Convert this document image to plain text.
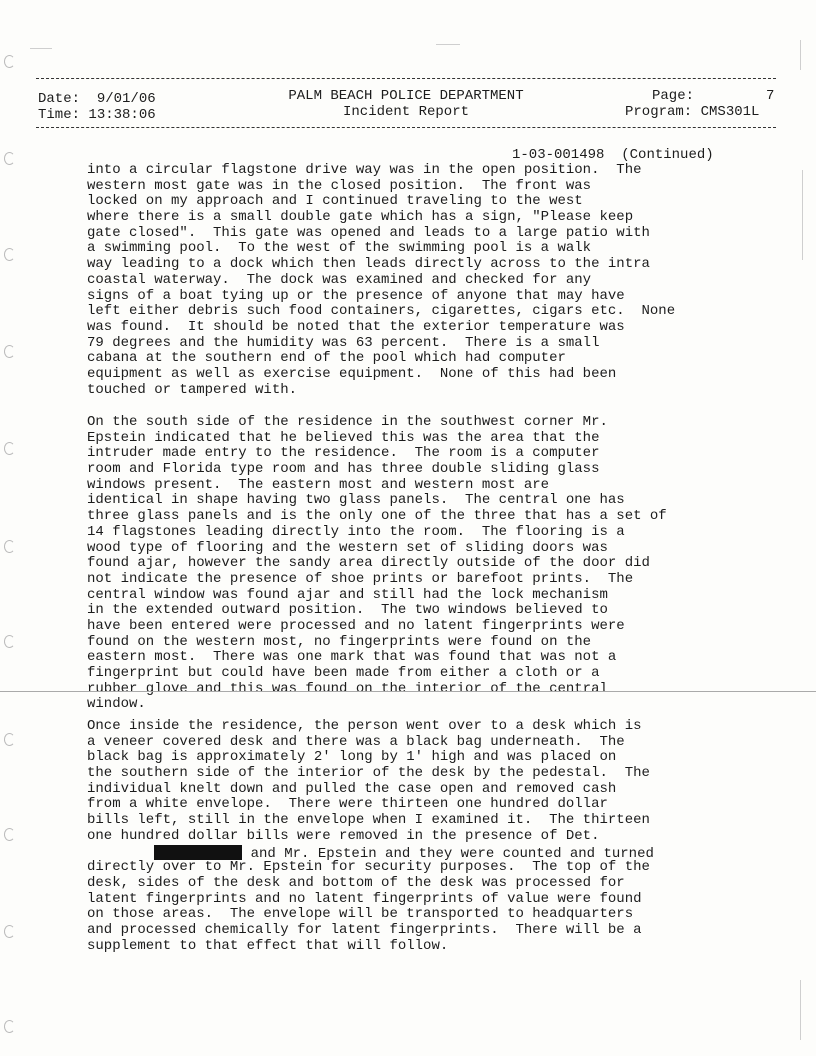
Date: 9/01/06
Time: 13:38:06
PALM BEACH POLICE DEPARTMENT
Incident Report
Page:	7
Program: CMS301L
1-03-001498 (Continued)
into a circular flagstone drive way was in the open position.  The
western most gate was in the closed position.  The front was
locked on my approach and I continued traveling to the west
where there is a small double gate which has a sign, "Please keep
gate closed".  This gate was opened and leads to a large patio with
a swimming pool.  To the west of the swimming pool is a walk
way leading to a dock which then leads directly across to the intra
coastal waterway.  The dock was examined and checked for any
signs of a boat tying up or the presence of anyone that may have
left either debris such food containers, cigarettes, cigars etc.  None
was found.  It should be noted that the exterior temperature was
79 degrees and the humidity was 63 percent.  There is a small
cabana at the southern end of the pool which had computer
equipment as well as exercise equipment.  None of this had been
touched or tampered with.
On the south side of the residence in the southwest corner Mr.
Epstein indicated that he believed this was the area that the
intruder made entry to the residence.  The room is a computer
room and Florida type room and has three double sliding glass
windows present.  The eastern most and western most are
identical in shape having two glass panels.  The central one has
three glass panels and is the only one of the three that has a set of
14 flagstones leading directly into the room.  The flooring is a
wood type of flooring and the western set of sliding doors was
found ajar, however the sandy area directly outside of the door did
not indicate the presence of shoe prints or barefoot prints.  The
central window was found ajar and still had the lock mechanism
in the extended outward position.  The two windows believed to
have been entered were processed and no latent fingerprints were
found on the western most, no fingerprints were found on the
eastern most.  There was one mark that was found that was not a
fingerprint but could have been made from either a cloth or a
rubber glove and this was found on the interior of the central
window.
Once inside the residence, the person went over to a desk which is
a veneer covered desk and there was a black bag underneath.  The
black bag is approximately 2' long by 1' high and was placed on
the southern side of the interior of the desk by the pedestal.  The
individual knelt down and pulled the case open and removed cash
from a white envelope.  There were thirteen one hundred dollar
bills left, still in the envelope when I examined it.  The thirteen
one hundred dollar bills were removed in the presence of Det.
and Mr. Epstein and they were counted and turned
directly over to Mr. Epstein for security purposes.  The top of the
desk, sides of the desk and bottom of the desk was processed for
latent fingerprints and no latent fingerprints of value were found
on those areas.  The envelope will be transported to headquarters
and processed chemically for latent fingerprints.  There will be a
supplement to that effect that will follow.
